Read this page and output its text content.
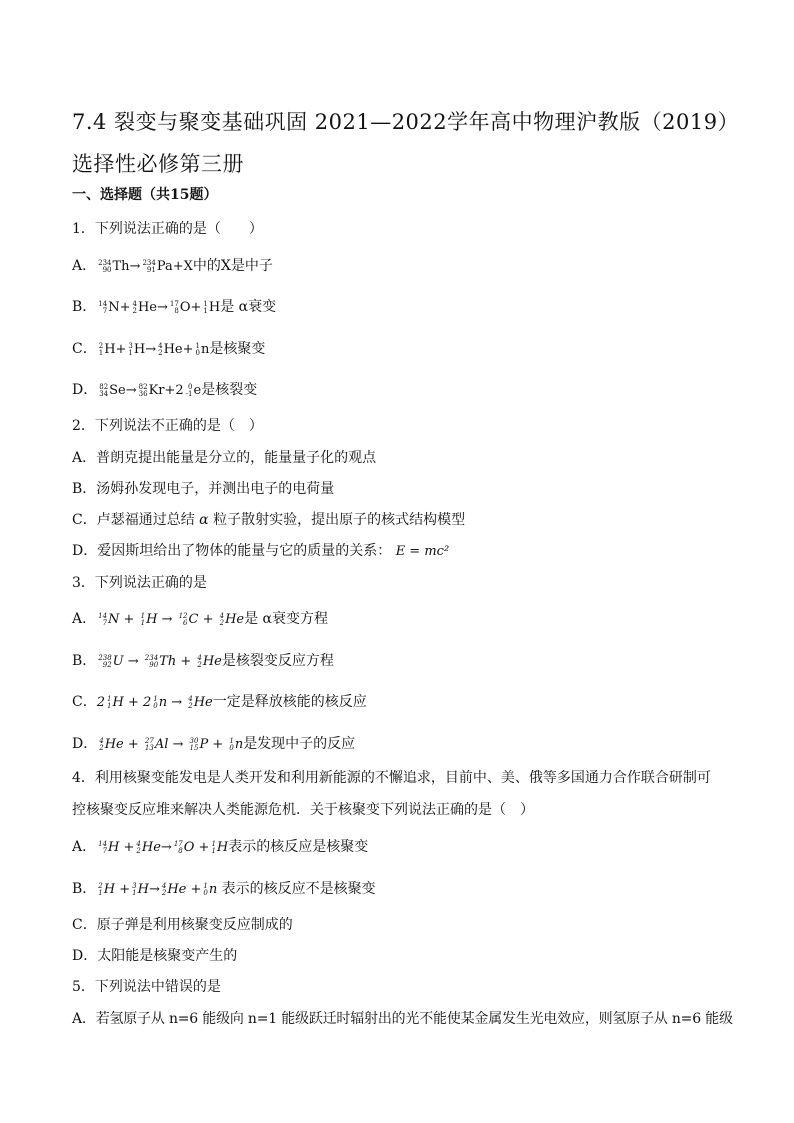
7.4 裂变与聚变基础巩固 2021—2022学年高中物理沪教版（2019）选择性必修第三册
一、选择题（共15题）
1．下列说法正确的是（　　）
A． 234
90 Th→ 234
91 Pa+X中的X是中子
B． 14
7 N+ 4
2 He→ 17
8 O+ 1
1 H是 α衰变
C． 2
1 H+ 3
1 H→ 4
2 He+ 1
0 n是核聚变
D． 82
34 Se→ 82
36 Kr+2 0
-1 e是核裂变
2．下列说法不正确的是（　）
A．普朗克提出能量是分立的，能量量子化的观点
B．汤姆孙发现电子，并测出电子的电荷量
C．卢瑟福通过总结 α 粒子散射实验，提出原子的核式结构模型
D．爱因斯坦给出了物体的能量与它的质量的关系： E = mc²
3．下列说法正确的是
A． 14
7 N + 1
1 H → 12
6 C + 4
2 He是 α衰变方程
B． 238
92 U → 234
90 Th + 4
2 He是核裂变反应方程
C．2 1
1 H + 2 1
0 n → 4
2 He一定是释放核能的核反应
D． 4
2 He + 27
13 Al → 30
15 P + 1
0 n是发现中子的反应
4．利用核聚变能发电是人类开发和利用新能源的不懈追求，目前中、美、俄等多国通力合作联合研制可控核聚变反应堆来解决人类能源危机．关于核聚变下列说法正确的是（　）
A． 14
7 H + 4
2 He→ 17
8 O + 1
1 H表示的核反应是核聚变
B． 2
1 H + 3
1 H→ 4
2 He + 1
0 n 表示的核反应不是核聚变
C．原子弹是利用核聚变反应制成的
D．太阳能是核聚变产生的
5．下列说法中错误的是
A．若氢原子从 n=6 能级向 n=1 能级跃迁时辐射出的光不能使某金属发生光电效应，则氢原子从 n=6 能级
